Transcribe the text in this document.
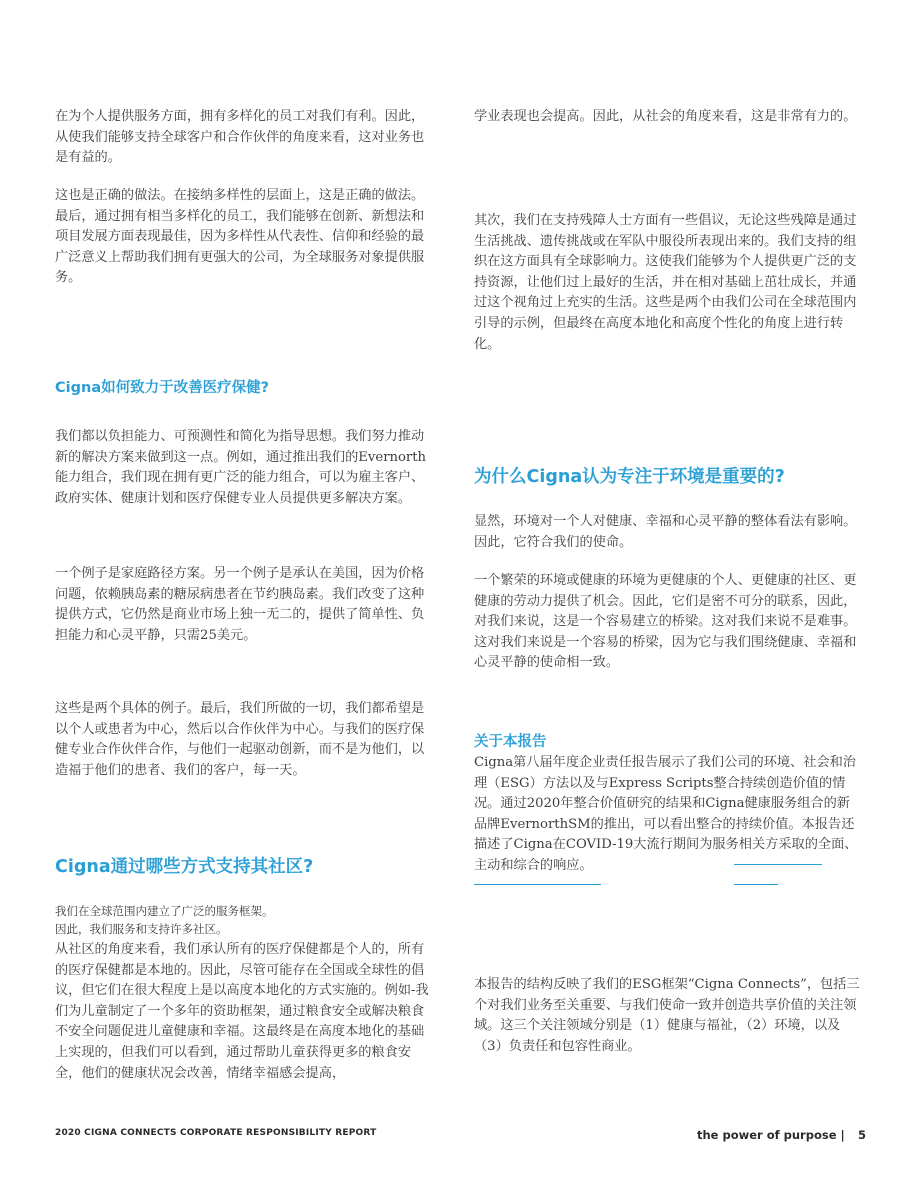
在为个人提供服务方面，拥有多样化的员工对我们有利。因此，从使我们能够支持全球客户和合作伙伴的角度来看，这对业务也是有益的。

这也是正确的做法。在接纳多样性的层面上，这是正确的做法。最后，通过拥有相当多样化的员工，我们能够在创新、新想法和项目发展方面表现最佳，因为多样性从代表性、信仰和经验的最广泛意义上帮助我们拥有更强大的公司，为全球服务对象提供服务。

Cigna如何致力于改善医疗保健?

我们都以负担能力、可预测性和简化为指导思想。我们努力推动新的解决方案来做到这一点。例如，通过推出我们的Evernorth能力组合，我们现在拥有更广泛的能力组合，可以为雇主客户、政府实体、健康计划和医疗保健专业人员提供更多解决方案。

一个例子是家庭路径方案。另一个例子是承认在美国，因为价格问题，依赖胰岛素的糖尿病患者在节约胰岛素。我们改变了这种提供方式，它仍然是商业市场上独一无二的，提供了简单性、负担能力和心灵平静，只需25美元。

这些是两个具体的例子。最后，我们所做的一切，我们都希望是以个人或患者为中心，然后以合作伙伴为中心。与我们的医疗保健专业合作伙伴合作，与他们一起驱动创新，而不是为他们，以造福于他们的患者、我们的客户，每一天。

Cigna通过哪些方式支持其社区?

我们在全球范围内建立了广泛的服务框架。

因此，我们服务和支持许多社区。

从社区的角度来看，我们承认所有的医疗保健都是个人的，所有的医疗保健都是本地的。因此，尽管可能存在全国或全球性的倡议，但它们在很大程度上是以高度本地化的方式实施的。例如-我们为儿童制定了一个多年的资助框架，通过粮食安全或解决粮食不安全问题促进儿童健康和幸福。这最终是在高度本地化的基础上实现的，但我们可以看到，通过帮助儿童获得更多的粮食安全，他们的健康状况会改善，情绪幸福感会提高，

学业表现也会提高。因此，从社会的角度来看，这是非常有力的。

其次，我们在支持残障人士方面有一些倡议，无论这些残障是通过生活挑战、遗传挑战或在军队中服役所表现出来的。我们支持的组织在这方面具有全球影响力。这使我们能够为个人提供更广泛的支持资源，让他们过上最好的生活，并在相对基础上茁壮成长，并通过这个视角过上充实的生活。这些是两个由我们公司在全球范围内引导的示例，但最终在高度本地化和高度个性化的角度上进行转化。

为什么Cigna认为专注于环境是重要的?

显然，环境对一个人对健康、幸福和心灵平静的整体看法有影响。因此，它符合我们的使命。

一个繁荣的环境或健康的环境为更健康的个人、更健康的社区、更健康的劳动力提供了机会。因此，它们是密不可分的联系，因此，对我们来说，这是一个容易建立的桥梁。这对我们来说不是难事。这对我们来说是一个容易的桥梁，因为它与我们围绕健康、幸福和心灵平静的使命相一致。

关于本报告

Cigna第八届年度企业责任报告展示了我们公司的环境、社会和治理（ESG）方法以及与Express Scripts整合持续创造价值的情况。通过2020年整合价值研究的结果和Cigna健康服务组合的新品牌EvernorthSM的推出，可以看出整合的持续价值。本报告还描述了Cigna在COVID-19大流行期间为服务相关方采取的全面、主动和综合的响应。

本报告的结构反映了我们的ESG框架“Cigna Connects”，包括三个对我们业务至关重要、与我们使命一致并创造共享价值的关注领域。这三个关注领域分别是（1）健康与福祉，（2）环境，以及（3）负责任和包容性商业。

2020 CIGNA CONNECTS CORPORATE RESPONSIBILITY REPORT	the power of purpose | 5
